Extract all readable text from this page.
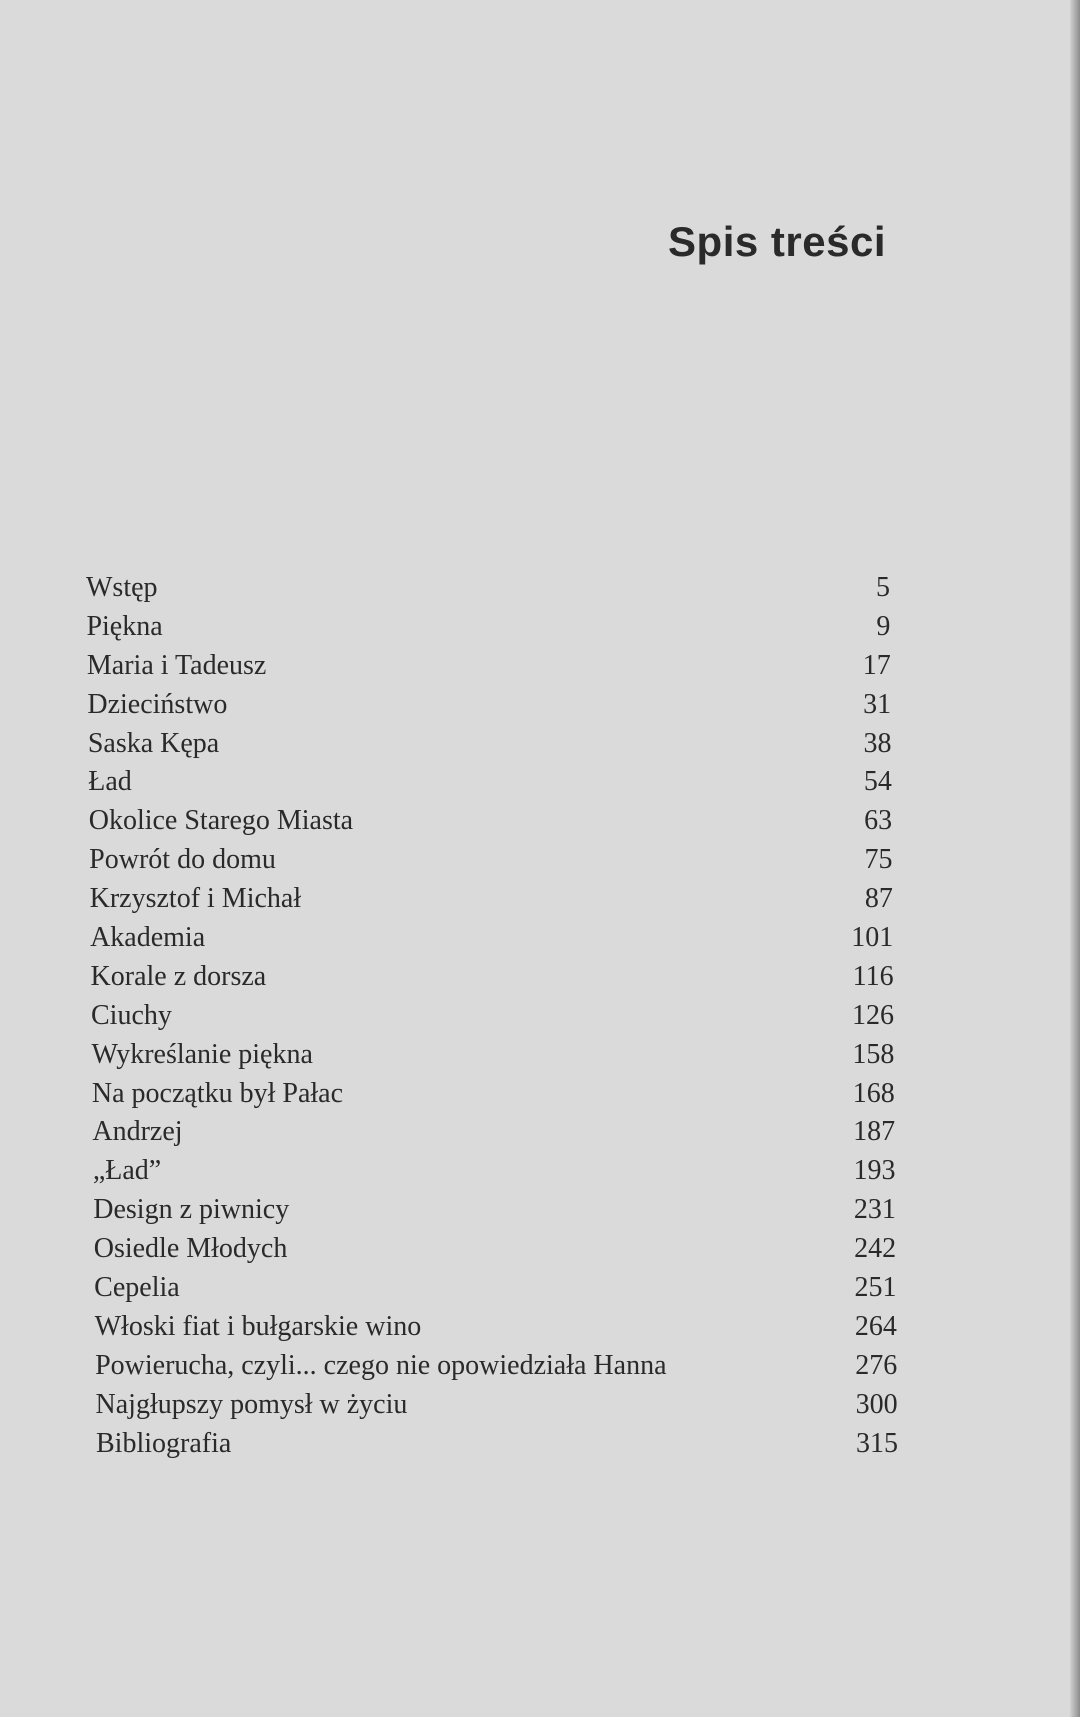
Spis treści
Wstęp	5
Piękna	9
Maria i Tadeusz	17
Dzieciństwo	31
Saska Kępa	38
Ład	54
Okolice Starego Miasta	63
Powrót do domu	75
Krzysztof i Michał	87
Akademia	101
Korale z dorsza	116
Ciuchy	126
Wykreślanie piękna	158
Na początku był Pałac	168
Andrzej	187
„Ład”	193
Design z piwnicy	231
Osiedle Młodych	242
Cepelia	251
Włoski fiat i bułgarskie wino	264
Powierucha, czyli... czego nie opowiedziała Hanna	276
Najgłupszy pomysł w życiu	300
Bibliografia	315
